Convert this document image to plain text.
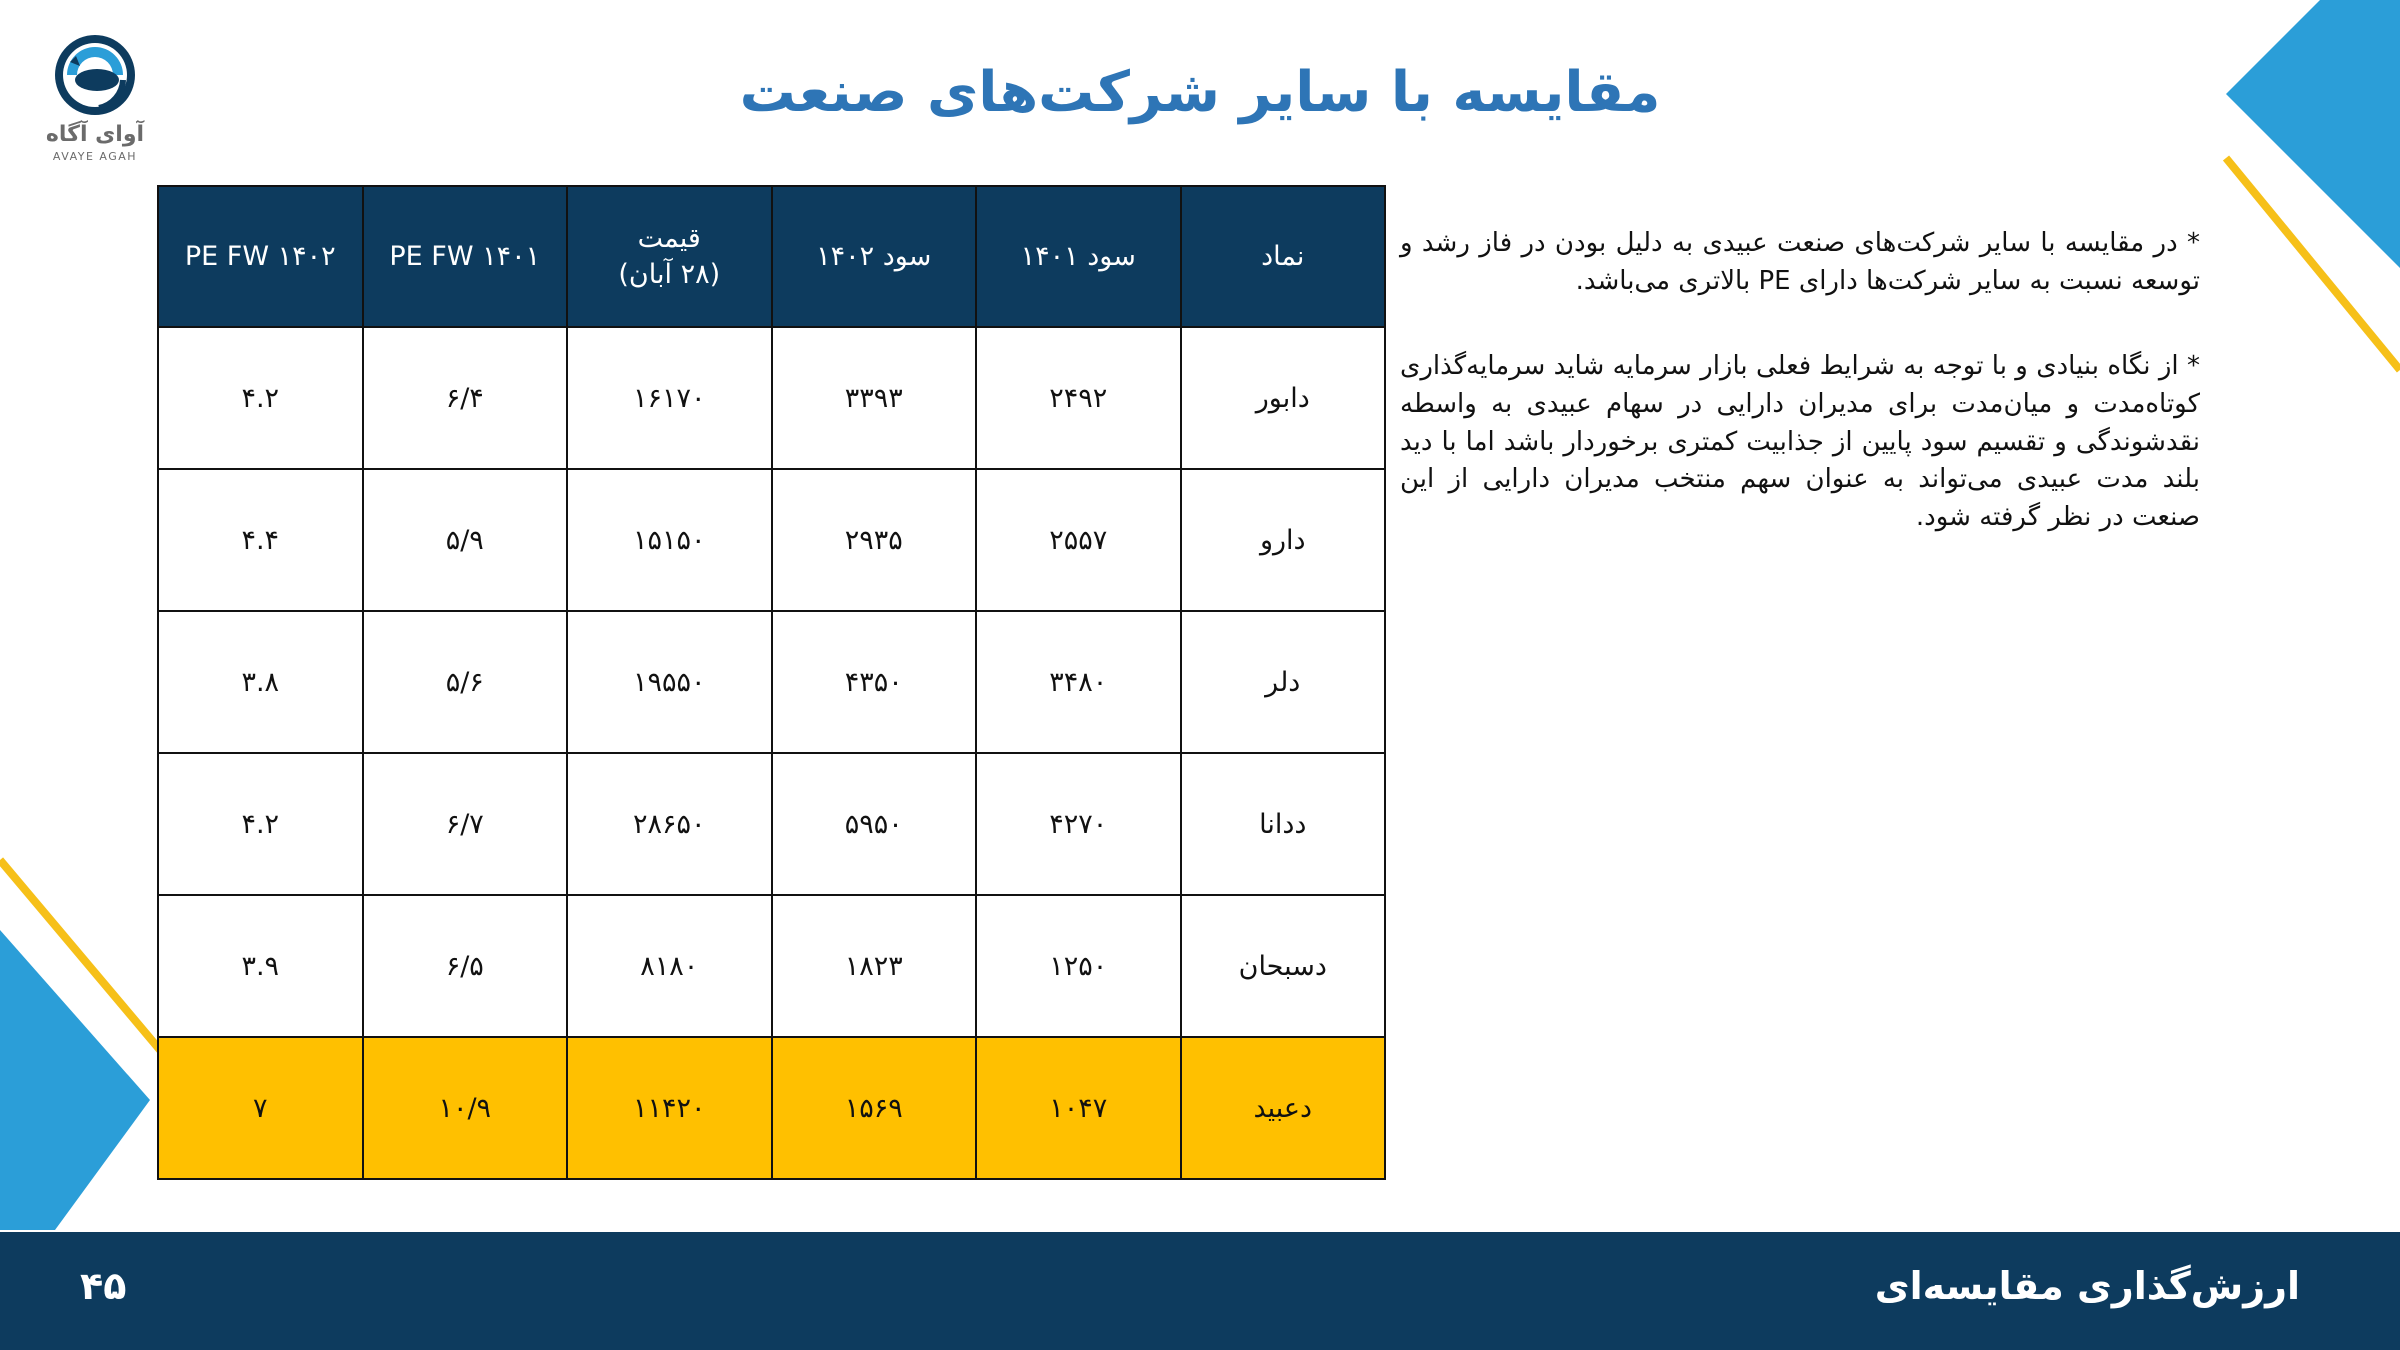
آوای آگاه
AVAYE AGAH
مقایسه با سایر شرکت‌های صنعت
نماد	سود ۱۴۰۱	سود ۱۴۰۲	قیمت
(۲۸ آبان)	PE FW ۱۴۰۱	PE FW ۱۴۰۲
دابور	۲۴۹۲	۳۳۹۳	۱۶۱۷۰	۶/۴	۴.۲
دارو	۲۵۵۷	۲۹۳۵	۱۵۱۵۰	۵/۹	۴.۴
دلر	۳۴۸۰	۴۳۵۰	۱۹۵۵۰	۵/۶	۳.۸
ددانا	۴۲۷۰	۵۹۵۰	۲۸۶۵۰	۶/۷	۴.۲
دسبحان	۱۲۵۰	۱۸۲۳	۸۱۸۰	۶/۵	۳.۹
دعبید	۱۰۴۷	۱۵۶۹	۱۱۴۲۰	۱۰/۹	۷

* در مقایسه با سایر شرکت‌های صنعت عبیدی به دلیل بودن در فاز رشد و توسعه نسبت به سایر شرکت‌ها دارای PE بالاتری می‌باشد.

* از نگاه بنیادی و با توجه به شرایط فعلی بازار سرمایه شاید سرمایه‌گذاری کوتاه‌مدت و میان‌مدت برای مدیران دارایی در سهام عبیدی به واسطه نقدشوندگی و تقسیم سود پایین از جذابیت کمتری برخوردار باشد اما با دید بلند مدت عبیدی می‌تواند به عنوان سهم منتخب مدیران دارایی از این صنعت در نظر گرفته شود.

ارزش‌گذاری مقایسه‌ای
۴۵
